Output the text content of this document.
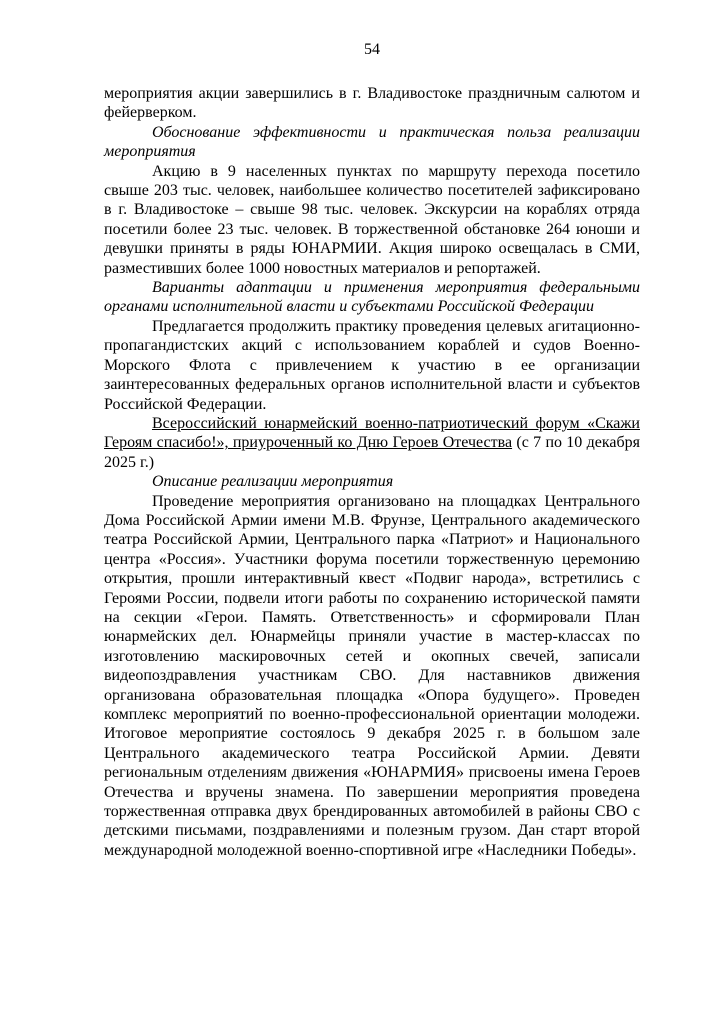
54

мероприятия акции завершились в г. Владивостоке праздничным салютом и фейерверком.

Обоснование эффективности и практическая польза реализации мероприятия

Акцию в 9 населенных пунктах по маршруту перехода посетило свыше 203 тыс. человек, наибольшее количество посетителей зафиксировано в г. Владивостоке – свыше 98 тыс. человек. Экскурсии на кораблях отряда посетили более 23 тыс. человек. В торжественной обстановке 264 юноши и девушки приняты в ряды ЮНАРМИИ. Акция широко освещалась в СМИ, разместивших более 1000 новостных материалов и репортажей.

Варианты адаптации и применения мероприятия федеральными органами исполнительной власти и субъектами Российской Федерации

Предлагается продолжить практику проведения целевых агитационно-пропагандистских акций с использованием кораблей и судов Военно-Морского Флота с привлечением к участию в ее организации заинтересованных федеральных органов исполнительной власти и субъектов Российской Федерации.

Всероссийский юнармейский военно-патриотический форум «Скажи Героям спасибо!», приуроченный ко Дню Героев Отечества (с 7 по 10 декабря 2025 г.)

Описание реализации мероприятия

Проведение мероприятия организовано на площадках Центрального Дома Российской Армии имени М.В. Фрунзе, Центрального академического театра Российской Армии, Центрального парка «Патриот» и Национального центра «Россия». Участники форума посетили торжественную церемонию открытия, прошли интерактивный квест «Подвиг народа», встретились с Героями России, подвели итоги работы по сохранению исторической памяти на секции «Герои. Память. Ответственность» и сформировали План юнармейских дел. Юнармейцы приняли участие в мастер-классах по изготовлению маскировочных сетей и окопных свечей, записали видеопоздравления участникам СВО. Для наставников движения организована образовательная площадка «Опора будущего». Проведен комплекс мероприятий по военно-профессиональной ориентации молодежи. Итоговое мероприятие состоялось 9 декабря 2025 г. в большом зале Центрального академического театра Российской Армии. Девяти региональным отделениям движения «ЮНАРМИЯ» присвоены имена Героев Отечества и вручены знамена. По завершении мероприятия проведена торжественная отправка двух брендированных автомобилей в районы СВО с детскими письмами, поздравлениями и полезным грузом. Дан старт второй международной молодежной военно-спортивной игре «Наследники Победы».
